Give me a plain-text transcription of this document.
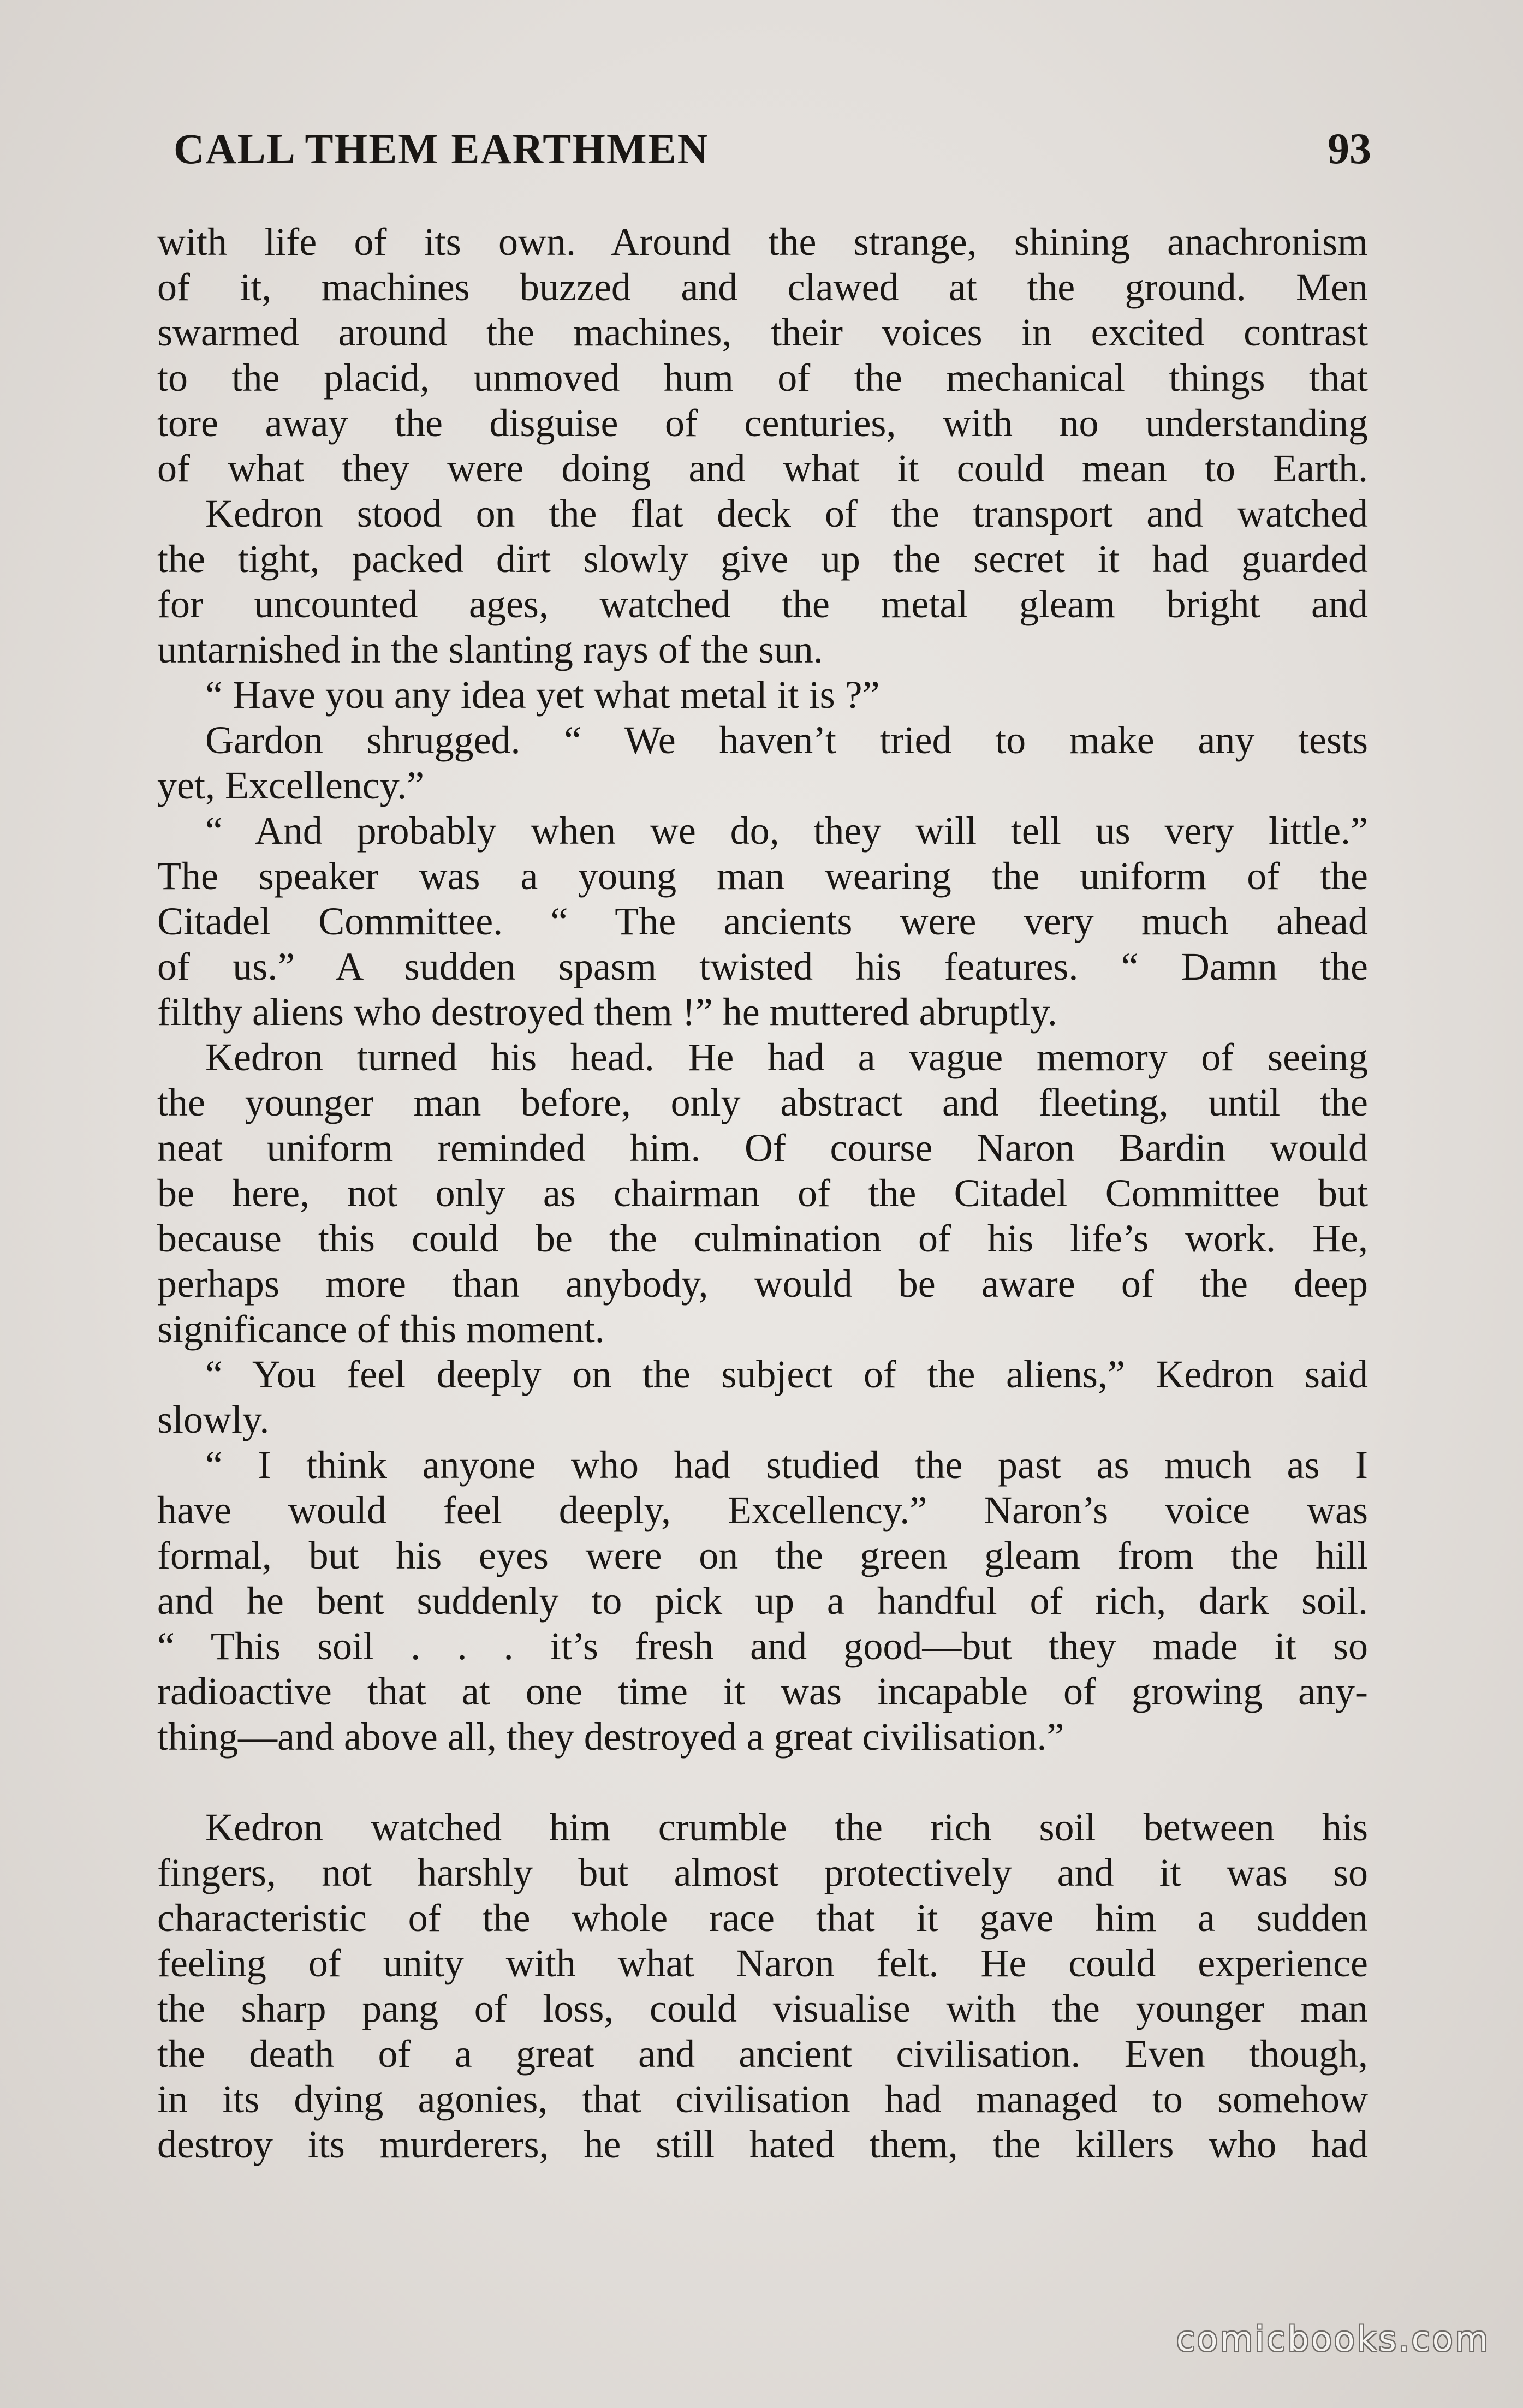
CALL THEM EARTHMEN	93
with life of its own. Around the strange, shining anachronism
of it, machines buzzed and clawed at the ground. Men
swarmed around the machines, their voices in excited contrast
to the placid, unmoved hum of the mechanical things that
tore away the disguise of centuries, with no understanding
of what they were doing and what it could mean to Earth.
Kedron stood on the flat deck of the transport and watched
the tight, packed dirt slowly give up the secret it had guarded
for uncounted ages, watched the metal gleam bright and
untarnished in the slanting rays of the sun.
“ Have you any idea yet what metal it is ?”
Gardon shrugged. “ We haven’t tried to make any tests
yet, Excellency.”
“ And probably when we do, they will tell us very little.”
The speaker was a young man wearing the uniform of the
Citadel Committee. “ The ancients were very much ahead
of us.” A sudden spasm twisted his features. “ Damn the
filthy aliens who destroyed them !” he muttered abruptly.
Kedron turned his head. He had a vague memory of seeing
the younger man before, only abstract and fleeting, until the
neat uniform reminded him. Of course Naron Bardin would
be here, not only as chairman of the Citadel Committee but
because this could be the culmination of his life’s work. He,
perhaps more than anybody, would be aware of the deep
significance of this moment.
“ You feel deeply on the subject of the aliens,” Kedron said
slowly.
“ I think anyone who had studied the past as much as I
have would feel deeply, Excellency.” Naron’s voice was
formal, but his eyes were on the green gleam from the hill
and he bent suddenly to pick up a handful of rich, dark soil.
“ This soil . . . it’s fresh and good—but they made it so
radioactive that at one time it was incapable of growing any-
thing—and above all, they destroyed a great civilisation.”
Kedron watched him crumble the rich soil between his
fingers, not harshly but almost protectively and it was so
characteristic of the whole race that it gave him a sudden
feeling of unity with what Naron felt. He could experience
the sharp pang of loss, could visualise with the younger man
the death of a great and ancient civilisation. Even though,
in its dying agonies, that civilisation had managed to somehow
destroy its murderers, he still hated them, the killers who had
comicbooks.com
